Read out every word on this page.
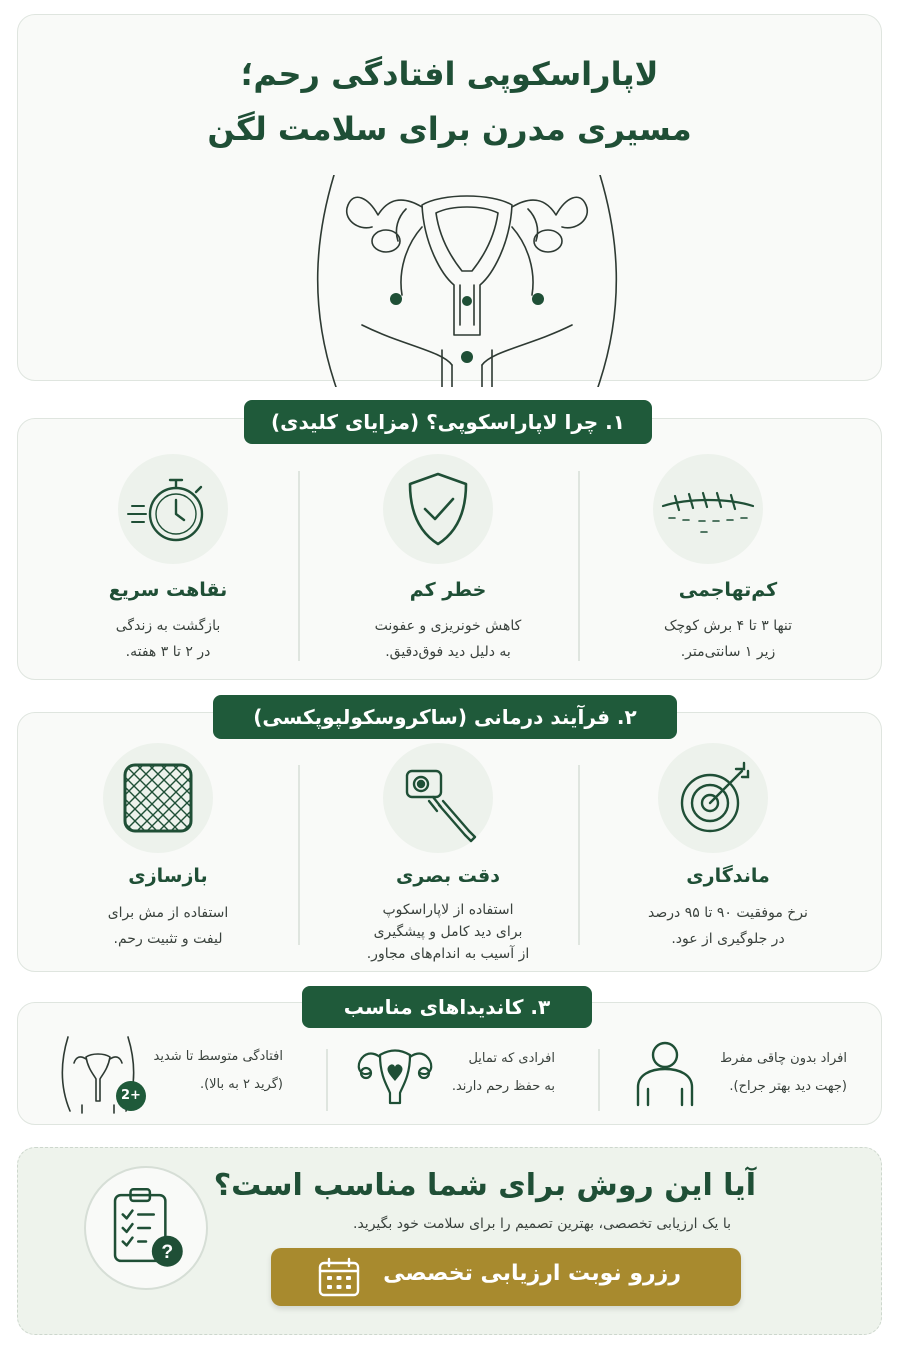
لاپاراسکوپی افتادگی رحم؛
مسیری مدرن برای سلامت لگن
کم‌تهاجمی
تنها ۳ تا ۴ برش کوچک
زیر ۱ سانتی‌متر.
خطر کم
کاهش خونریزی و عفونت
به دلیل دید فوق‌دقیق.
نقاهت سریع
بازگشت به زندگی
در ۲ تا ۳ هفته.
۱. چرا لاپاراسکوپی؟ (مزایای کلیدی)
ماندگاری
نرخ موفقیت ۹۰ تا ۹۵ درصد
در جلوگیری از عود.
دقت بصری
استفاده از لاپاراسکوپ
برای دید کامل و پیشگیری
از آسیب به اندام‌های مجاور.
بازسازی
استفاده از مش برای
لیفت و تثبیت رحم.
۲. فرآیند درمانی (ساکروسکولپوپکسی)
افراد بدون چاقی مفرط
(جهت دید بهتر جراح).
افرادی که تمایل
به حفظ رحم دارند.
2+
افتادگی متوسط تا شدید
(گرید ۲ به بالا).
۳. کاندیداهای مناسب
?
آیا این روش برای شما مناسب است؟
با یک ارزیابی تخصصی، بهترین تصمیم را برای سلامت خود بگیرید.
رزرو نوبت ارزیابی تخصصی
